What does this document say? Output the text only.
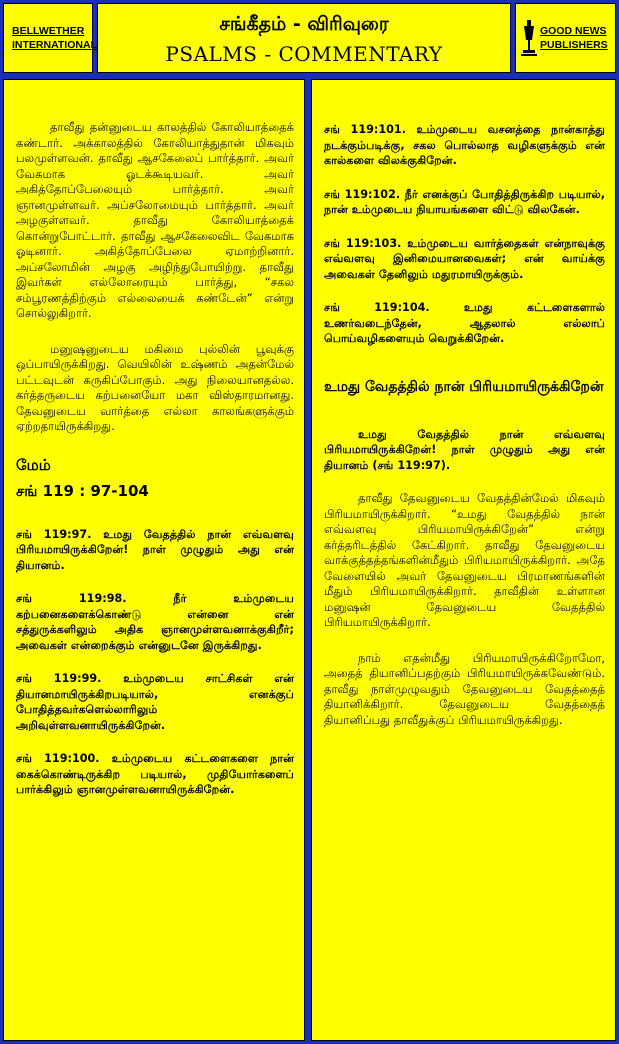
BELLWETHER
INTERNATIONAL
சங்கீதம் - விரிவுரை
PSALMS - COMMENTARY
GOOD NEWS
PUBLISHERS

தாவீது தன்னுடைய காலத்தில் கோலியாத்தைக் கண்டார். அக்காலத்தில் கோலியாத்துதான் மிகவும் பலமுள்ளவன். தாவீது ஆசகேலைப் பார்த்தார். அவர் வேகமாக ஓடக்கூடியவர். அவர் அகித்தோப்பேலையும் பார்த்தார். அவர் ஞானமுள்ளவர். அப்சலோமையும் பார்த்தார். அவர் அழகுள்ளவர். தாவீது கோலியாத்தைக் கொன்றுபோட்டார். தாவீது ஆசகேலைவிட வேகமாக ஓடினார். அகித்தோப்பேலை ஏமாற்றினார். அப்சலோமின் அழகு அழிந்துபோயிற்று. தாவீது இவர்கள் எல்லோரையும் பார்த்து, “சகல சம்பூரணத்திற்கும் எல்லையைக் கண்டேன்” என்று சொல்லுகிறார்.

மனுஷனுடைய மகிமை புல்லின் பூவுக்கு ஒப்பாயிருக்கிறது. வெயிலின் உஷ்ணம் அதன்மேல் பட்டவுடன் கருகிப்போகும். அது நிலையானதல்ல. கர்த்தருடைய கற்பனையோ மகா விஸ்தாரமானது. தேவனுடைய வார்த்தை எல்லா காலங்களுக்கும் ஏற்றதாயிருக்கிறது.

மேம்
சங் 119 : 97-104

சங் 119:97. உமது வேதத்தில் நான் எவ்வளவு பிரியமாயிருக்கிறேன்! நாள் முழுதும் அது என் தியானம்.

சங் 119:98. நீர் உம்முடைய கற்பனைகளைக்கொண்டு என்னை என் சத்துருக்களிலும் அதிக ஞானமுள்ளவனாக்குகிறீர்; அவைகள் என்றைக்கும் என்னுடனே இருக்கிறது.

சங் 119:99. உம்முடைய சாட்சிகள் என் தியானமாயிருக்கிறபடியால், எனக்குப் போதித்தவர்களெல்லாரிலும் அறிவுள்ளவனாயிருக்கிறேன்.

சங் 119:100. உம்முடைய கட்டளைகளை நான் கைக்கொண்டிருக்கிற படியால், முதியோர்களைப் பார்க்கிலும் ஞானமுள்ளவனாயிருக்கிறேன்.

சங் 119:101. உம்முடைய வசனத்தை நான்காத்து நடக்கும்படிக்கு, சகல பொல்லாத வழிகளுக்கும் என் கால்களை விலக்குகிறேன்.

சங் 119:102. நீர் எனக்குப் போதித்திருக்கிற படியால், நான் உம்முடைய நியாயங்களை விட்டு விலகேன்.

சங் 119:103. உம்முடைய வார்த்தைகள் என்நாவுக்கு எவ்வளவு இனிமையானவைகள்; என் வாய்க்கு அவைகள் தேனிலும் மதுரமாயிருக்கும்.

சங் 119:104. உமது கட்டளைகளால் உணர்வடைந்தேன், ஆதலால் எல்லாப் பொய்வழிகளையும் வெறுக்கிறேன்.

உமது வேதத்தில் நான் பிரியமாயிருக்கிறேன்

உமது வேதத்தில் நான் எவ்வளவு பிரியமாயிருக்கிறேன்! நாள் முழுதும் அது என் தியானம் (சங் 119:97).

தாவீது தேவனுடைய வேதத்தின்மேல் மிகவும் பிரியமாயிருக்கிறார். “உமது வேதத்தில் நான் எவ்வளவு பிரியமாயிருக்கிறேன்” என்று கர்த்தரிடத்தில் கேட்கிறார். தாவீது தேவனுடைய வாக்குத்தத்தங்களின்மீதும் பிரியமாயிருக்கிறார். அதே வேளையில் அவர் தேவனுடைய பிரமாணங்களின் மீதும் பிரியமாயிருக்கிறார். தாவீதின் உள்ளான மனுஷன் தேவனுடைய வேதத்தில் பிரியமாயிருக்கிறார்.

நாம் எதன்மீது பிரியமாயிருக்கிறோமோ, அதைத் தியானிப்பதற்கும் பிரியமாயிருக்கவேண்டும். தாவீது நாள்முழுவதும் தேவனுடைய வேதத்தைத் தியானிக்கிறார். தேவனுடைய வேதத்தைத் தியானிப்பது தாவீதுக்குப் பிரியமாயிருக்கிறது.
